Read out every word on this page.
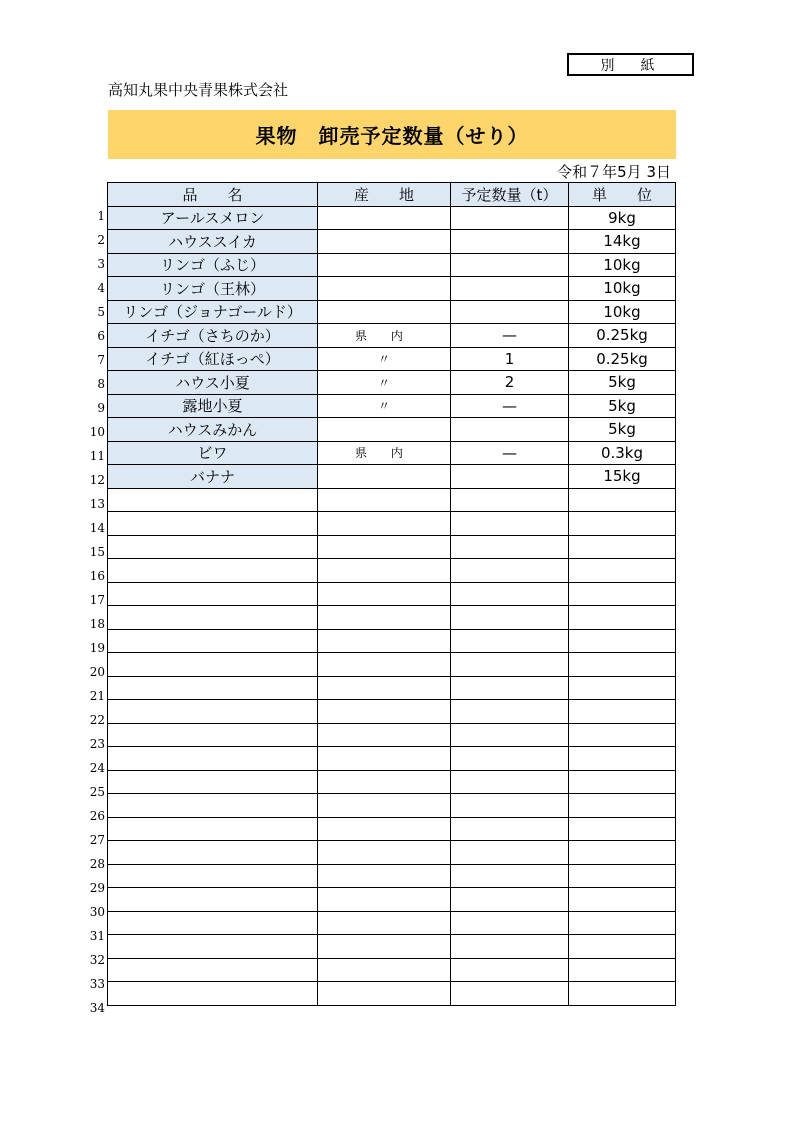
別　紙
高知丸果中央青果株式会社
果物　卸売予定数量（せり）
令和７年5月 3日
品　　名	産　　地	予定数量（t）	単　　位
アールスメロン			9kg
ハウススイカ			14kg
リンゴ（ふじ）			10kg
リンゴ（王林）			10kg
リンゴ（ジョナゴールド）			10kg
イチゴ（さちのか）	県 内	—	0.25kg
イチゴ（紅ほっぺ）	〃	1	0.25kg
ハウス小夏	〃	2	5kg
露地小夏	〃	—	5kg
ハウスみかん			5kg
ビワ	県 内	—	0.3kg
バナナ			15kg

1
2
3
4
5
6
7
8
9
10
11
12
13
14
15
16
17
18
19
20
21
22
23
24
25
26
27
28
29
30
31
32
33
34
